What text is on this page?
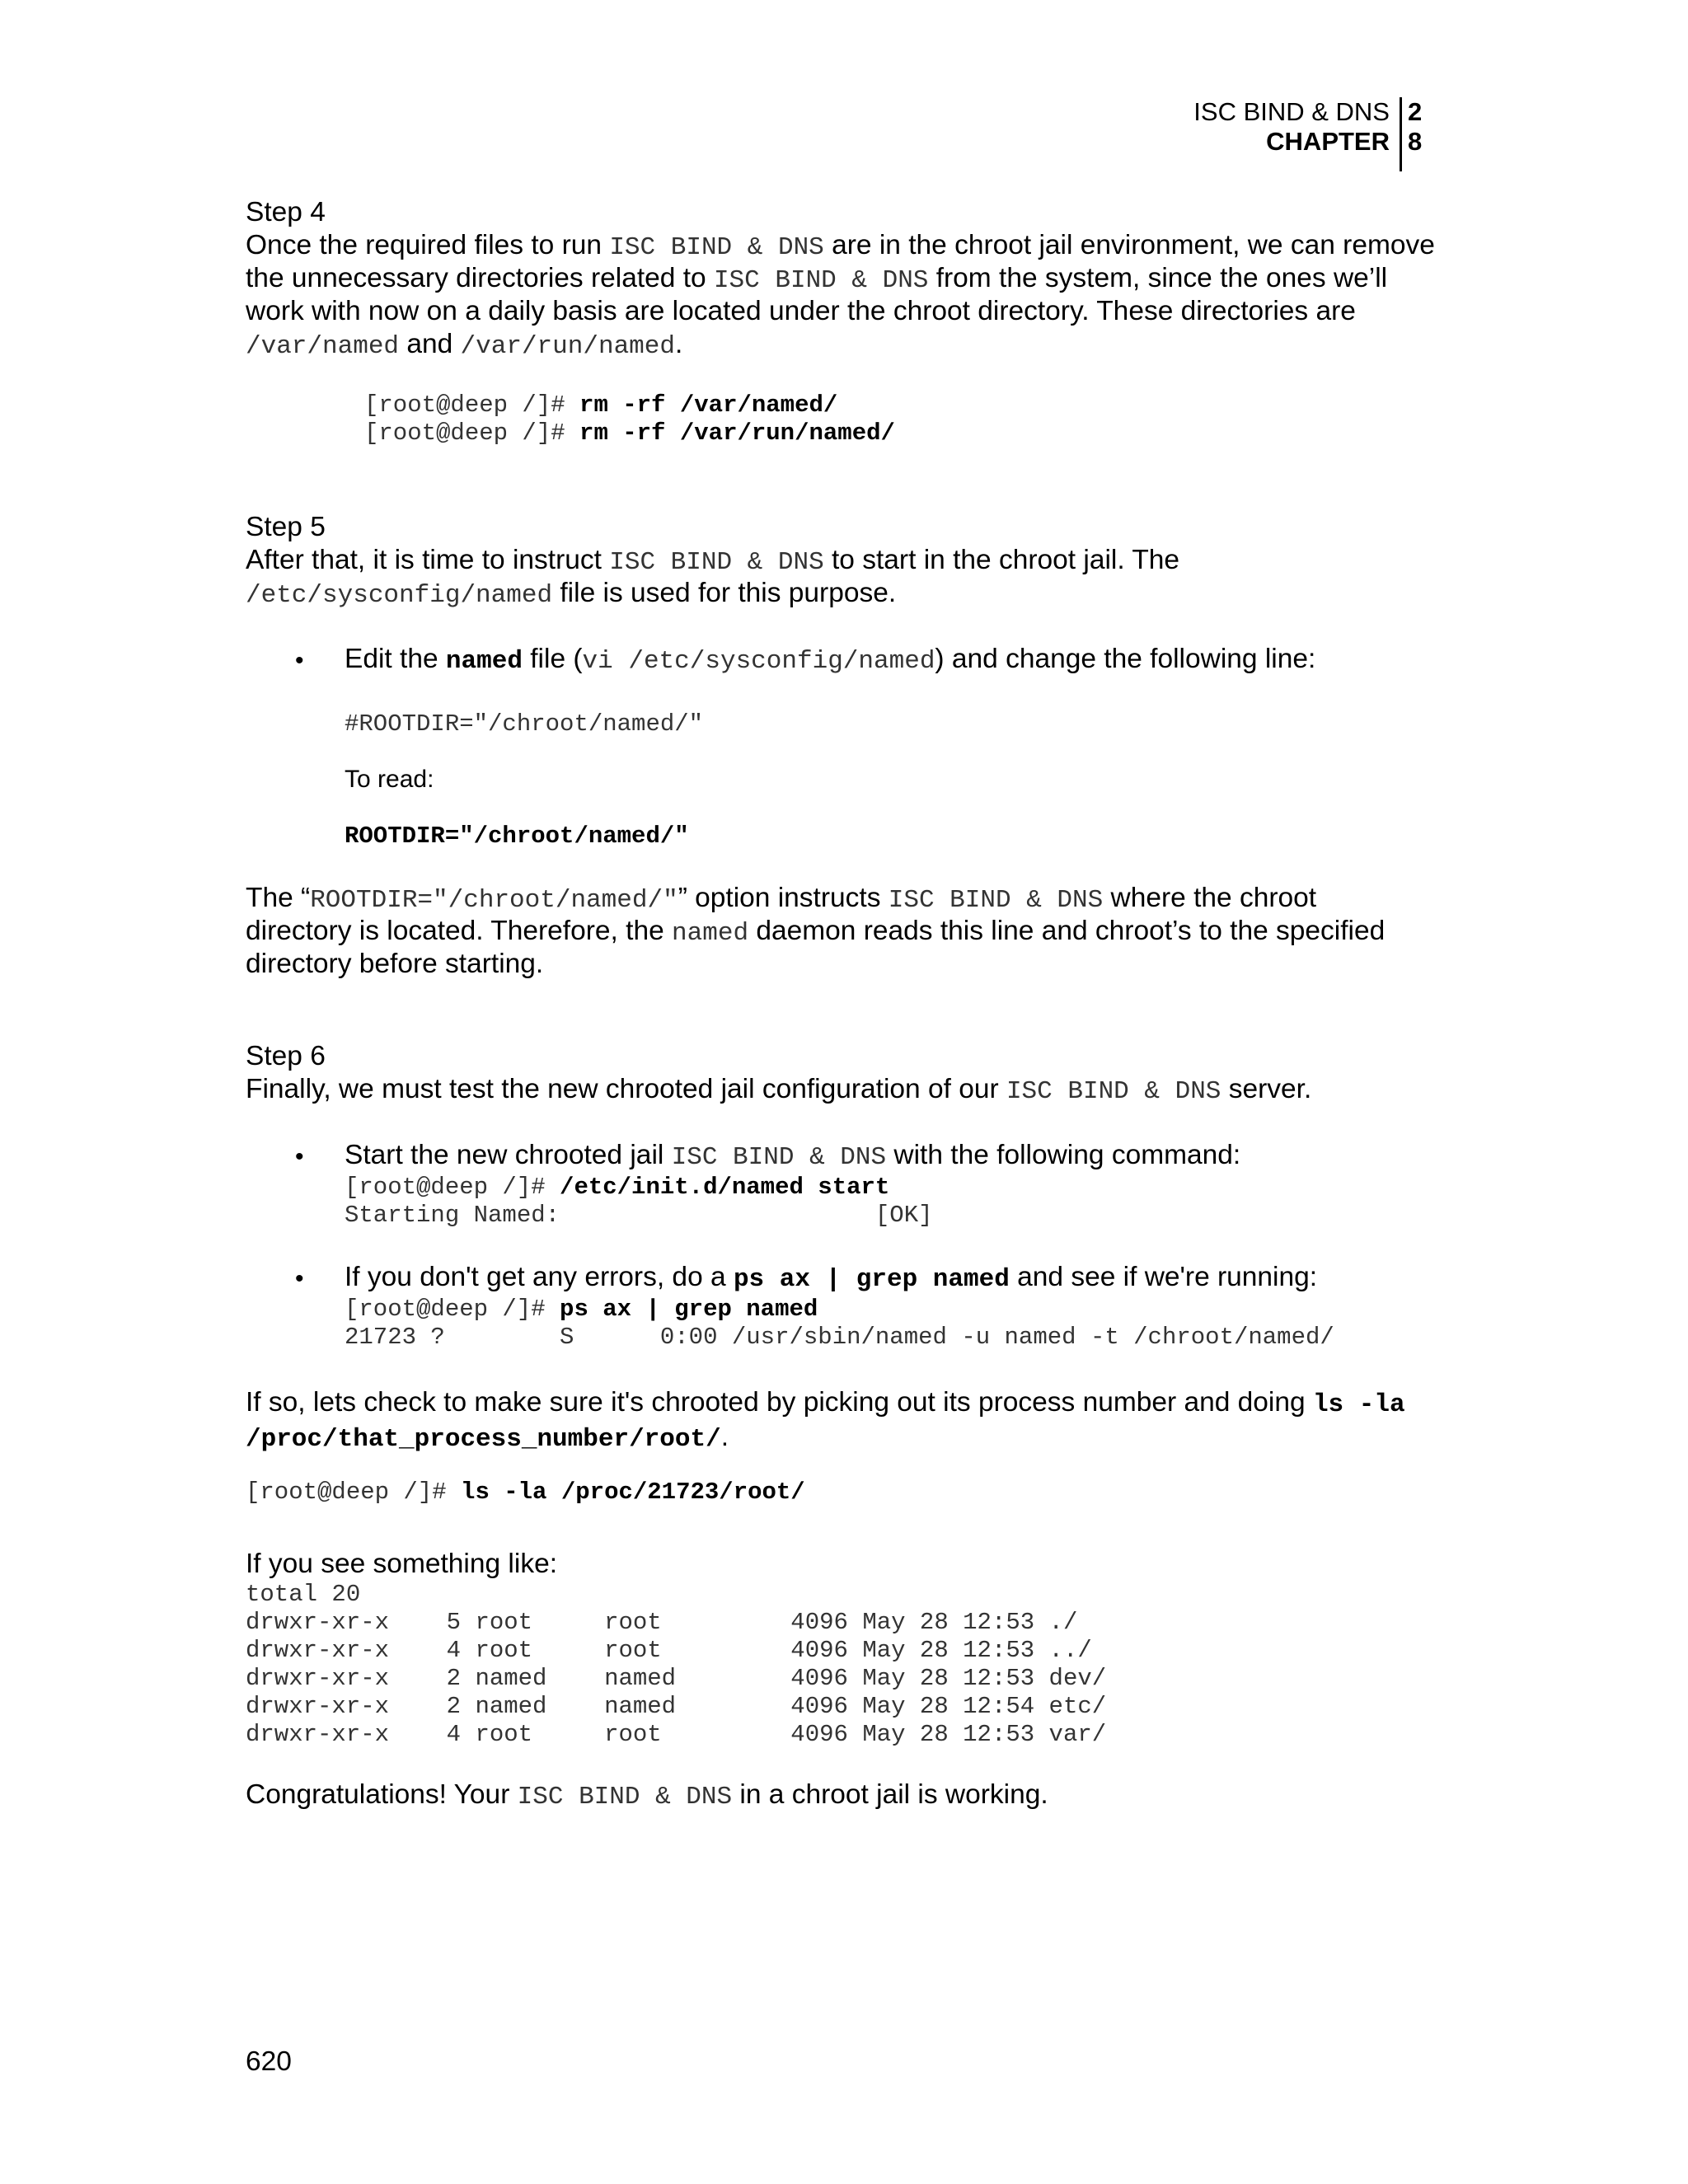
ISC BIND & DNS
CHAPTER
2
8
Step 4
Once the required files to run ISC BIND & DNS are in the chroot jail environment, we can remove
the unnecessary directories related to ISC BIND & DNS from the system, since the ones we’ll
work with now on a daily basis are located under the chroot directory. These directories are
/var/named and /var/run/named.
[root@deep /]# rm -rf /var/named/
[root@deep /]# rm -rf /var/run/named/
Step 5
After that, it is time to instruct ISC BIND & DNS to start in the chroot jail. The
/etc/sysconfig/named file is used for this purpose.
• Edit the named file (vi /etc/sysconfig/named) and change the following line:
#ROOTDIR="/chroot/named/"
To read:
ROOTDIR="/chroot/named/"
The “ROOTDIR="/chroot/named/"” option instructs ISC BIND & DNS where the chroot
directory is located. Therefore, the named daemon reads this line and chroot’s to the specified
directory before starting.
Step 6
Finally, we must test the new chrooted jail configuration of our ISC BIND & DNS server.
• Start the new chrooted jail ISC BIND & DNS with the following command:
[root@deep /]# /etc/init.d/named start
Starting Named:                      [OK]
• If you don't get any errors, do a ps ax | grep named and see if we're running:
[root@deep /]# ps ax | grep named
21723 ?        S      0:00 /usr/sbin/named -u named -t /chroot/named/
If so, lets check to make sure it's chrooted by picking out its process number and doing ls -la
/proc/that_process_number/root/.
[root@deep /]# ls -la /proc/21723/root/
If you see something like:
total 20
drwxr-xr-x    5 root     root         4096 May 28 12:53 ./
drwxr-xr-x    4 root     root         4096 May 28 12:53 ../
drwxr-xr-x    2 named    named        4096 May 28 12:53 dev/
drwxr-xr-x    2 named    named        4096 May 28 12:54 etc/
drwxr-xr-x    4 root     root         4096 May 28 12:53 var/
Congratulations! Your ISC BIND & DNS in a chroot jail is working.
620
